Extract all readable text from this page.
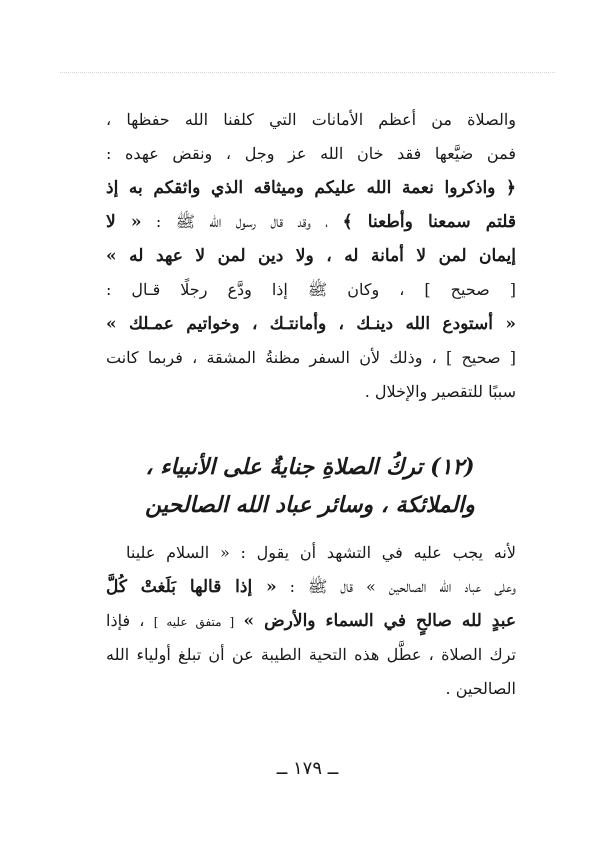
والصلاة من أعظم الأمانات التي كلفنا الله حفظها ،
فمن ضيَّعها فقد خان الله عز وجل ، ونقض عهده :
﴿ واذكروا نعمة الله عليكم وميثاقه الذي واثقكم به إذ
قلتم سمعنا وأطعنا ﴾ ، وقد قال رسول الله ﷺ : « لا
إيمان لمن لا أمانة له ، ولا دين لمن لا عهد له »
[ صحيح ] ، وكان ﷺ إذا ودَّع رجلًا قـال :
« أستودع الله دينـك ، وأمانتـك ، وخواتيم عمـلك »
[ صحيح ] ، وذلك لأن السفر مظنةُ المشقة ، فربما كانت
سببًا للتقصير والإخلال .
(١٢) تركُ الصلاةِ جنايةٌ على الأنبياء ،
والملائكة ، وسائر عباد الله الصالحين
لأنه يجب عليه في التشهد أن يقول : « السلام علينا
وعلى عباد الله الصالحين » قال ﷺ : « إذا قالها بَلَغتْ كُلَّ
عبدٍ لله صالحٍ في السماء والأرض » [ متفق عليه ] ، فإذا
ترك الصلاة ، عطَّل هذه التحية الطيبة عن أن تبلغ أولياء الله
الصالحين .
ــ ١٧٩ ــ
